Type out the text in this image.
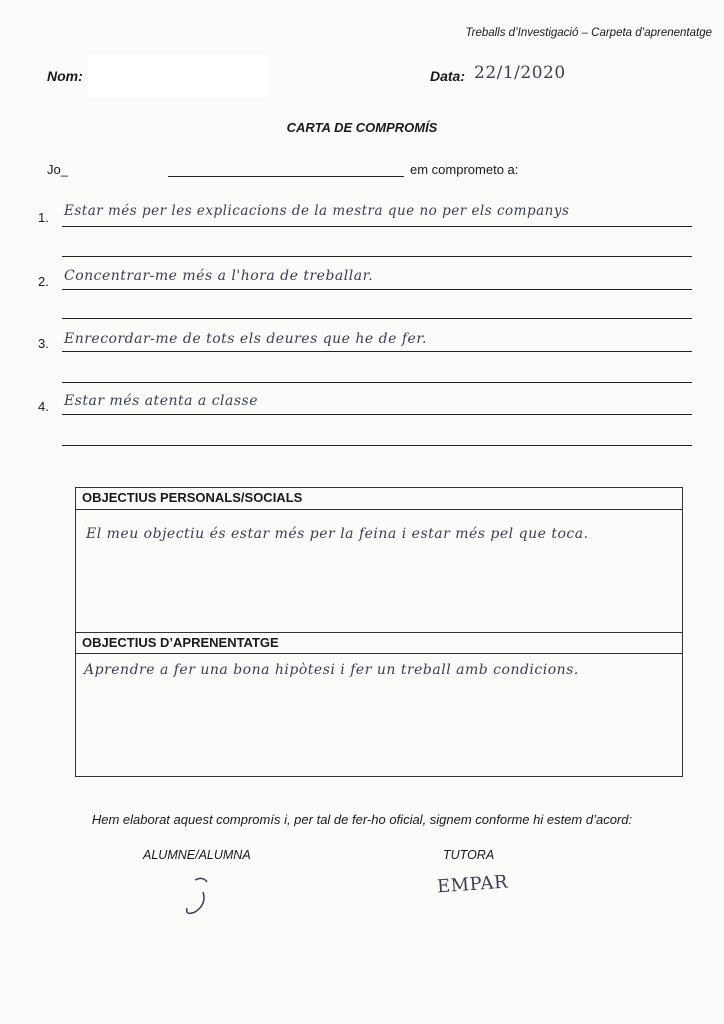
Treballs d’Investigació – Carpeta d’aprenentatge
Nom:	Data: 22/1/2020
CARTA DE COMPROMÍS
Jo_	em comprometo a:
1. Estar més per les explicacions de la mestra que no per els companys
2. Concentrar-me més a l'hora de treballar.
3. Enrecordar-me de tots els deures que he de fer.
4. Estar més atenta a classe
OBJECTIUS PERSONALS/SOCIALS
El meu objectiu és estar més per la feina i estar més pel que toca.
OBJECTIUS D’APRENENTATGE
Aprendre a fer una bona hipòtesi i fer un treball amb condicions.
Hem elaborat aquest compromís i, per tal de fer-ho oficial, signem conforme hi estem d’acord:
ALUMNE/ALUMNA	TUTORA
EMPAR
